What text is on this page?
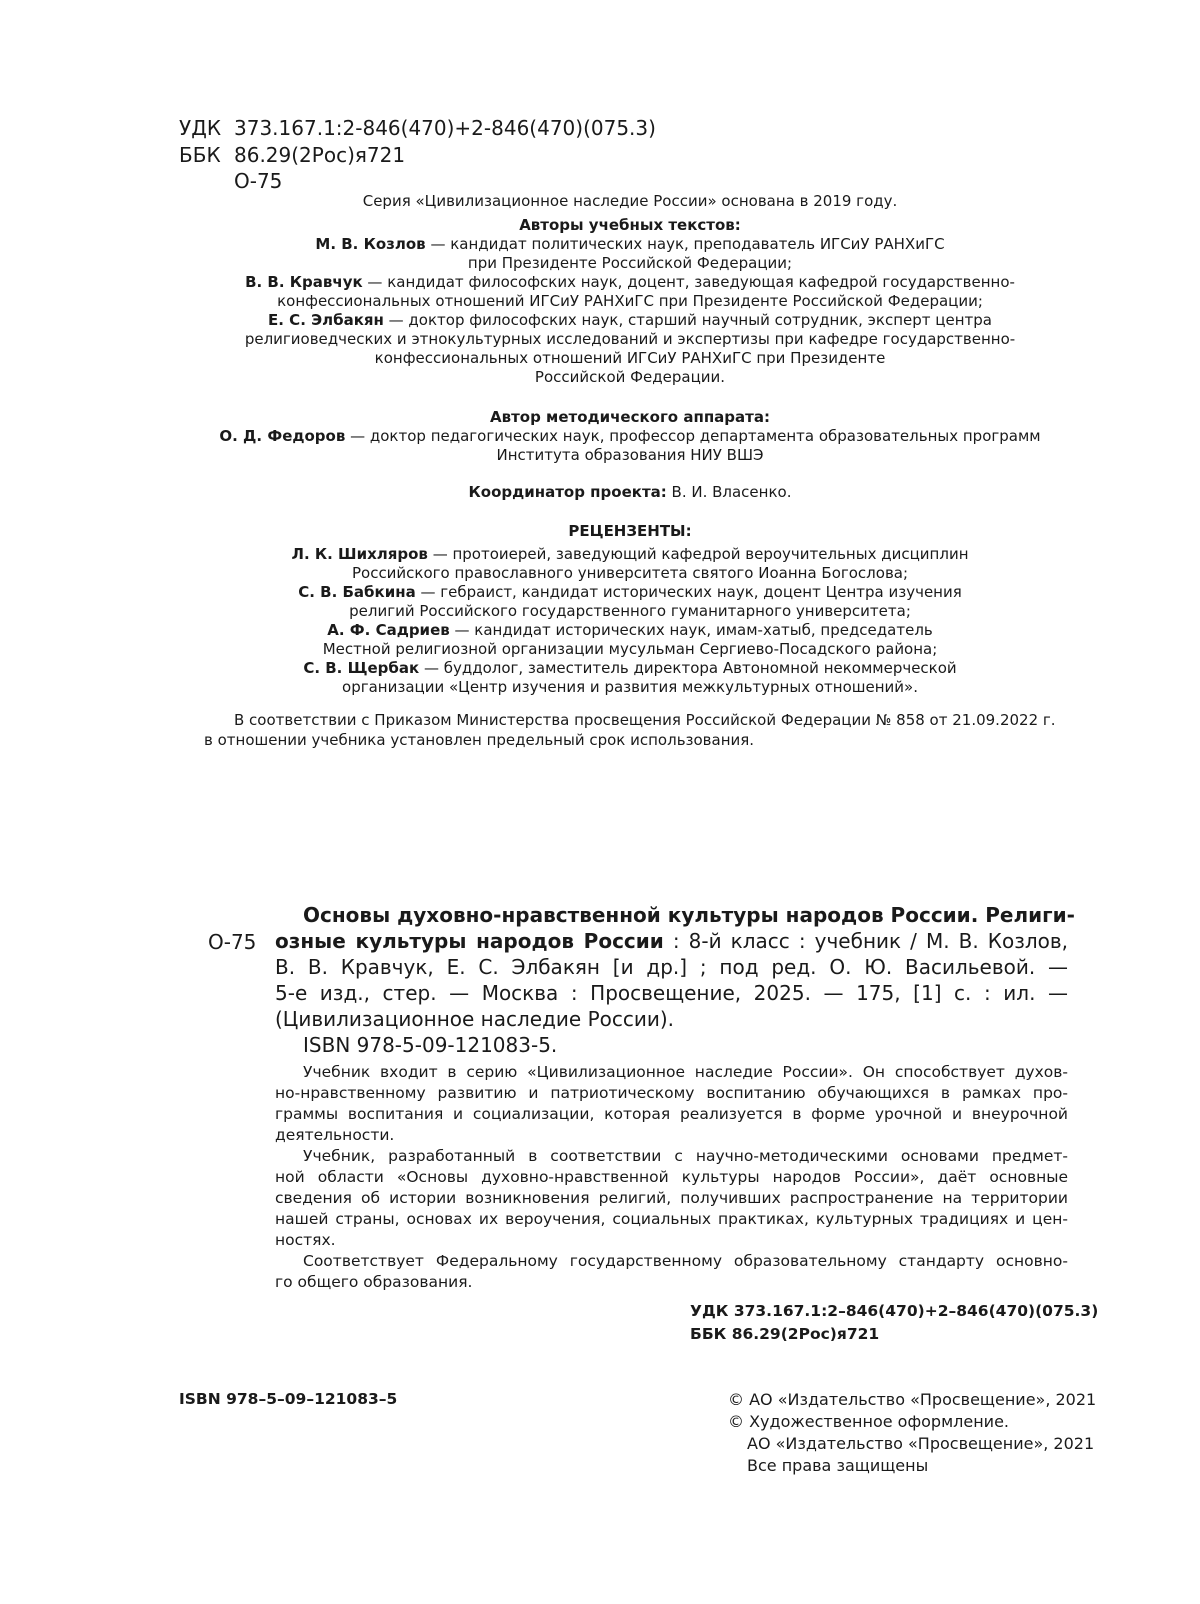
УДК 373.167.1:2-846(470)+2-846(470)(075.3)
ББК 86.29(2Рос)я721
О-75
Серия «Цивилизационное наследие России» основана в 2019 году.
Авторы учебных текстов:
М. В. Козлов — кандидат политических наук, преподаватель ИГСиУ РАНХиГС
при Президенте Российской Федерации;
В. В. Кравчук — кандидат философских наук, доцент, заведующая кафедрой государственно-
конфессиональных отношений ИГСиУ РАНХиГС при Президенте Российской Федерации;
Е. С. Элбакян — доктор философских наук, старший научный сотрудник, эксперт центра
религиоведческих и этнокультурных исследований и экспертизы при кафедре государственно-
конфессиональных отношений ИГСиУ РАНХиГС при Президенте
Российской Федерации.
Автор методического аппарата:
О. Д. Федоров — доктор педагогических наук, профессор департамента образовательных программ
Института образования НИУ ВШЭ
Координатор проекта: В. И. Власенко.
РЕЦЕНЗЕНТЫ:
Л. К. Шихляров — протоиерей, заведующий кафедрой вероучительных дисциплин
Российского православного университета святого Иоанна Богослова;
С. В. Бабкина — гебраист, кандидат исторических наук, доцент Центра изучения
религий Российского государственного гуманитарного университета;
А. Ф. Садриев — кандидат исторических наук, имам-хатыб, председатель
Местной религиозной организации мусульман Сергиево-Посадского района;
С. В. Щербак — буддолог, заместитель директора Автономной некоммерческой
организации «Центр изучения и развития межкультурных отношений».
В соответствии с Приказом Министерства просвещения Российской Федерации № 858 от 21.09.2022 г.
в отношении учебника установлен предельный срок использования.
О-75
Основы духовно-нравственной культуры народов России. Религи-
озные культуры народов России : 8-й класс : учебник / М. В. Козлов,
В. В. Кравчук, Е. С. Элбакян [и др.] ; под ред. О. Ю. Васильевой. —
5-е изд., стер. — Москва : Просвещение, 2025. — 175, [1] с. : ил. —
(Цивилизационное наследие России).
ISBN 978-5-09-121083-5.
Учебник входит в серию «Цивилизационное наследие России». Он способствует духов-
но-нравственному развитию и патриотическому воспитанию обучающихся в рамках про-
граммы воспитания и социализации, которая реализуется в форме урочной и внеурочной
деятельности.
Учебник, разработанный в соответствии с научно-методическими основами предмет-
ной области «Основы духовно-нравственной культуры народов России», даёт основные
сведения об истории возникновения религий, получивших распространение на территории
нашей страны, основах их вероучения, социальных практиках, культурных традициях и цен-
ностях.
Соответствует Федеральному государственному образовательному стандарту основно-
го общего образования.
УДК 373.167.1:2–846(470)+2–846(470)(075.3)
ББК 86.29(2Рос)я721
ISBN 978–5–09–121083–5	© АО «Издательство «Просвещение», 2021
© Художественное оформление.
АО «Издательство «Просвещение», 2021
Все права защищены
